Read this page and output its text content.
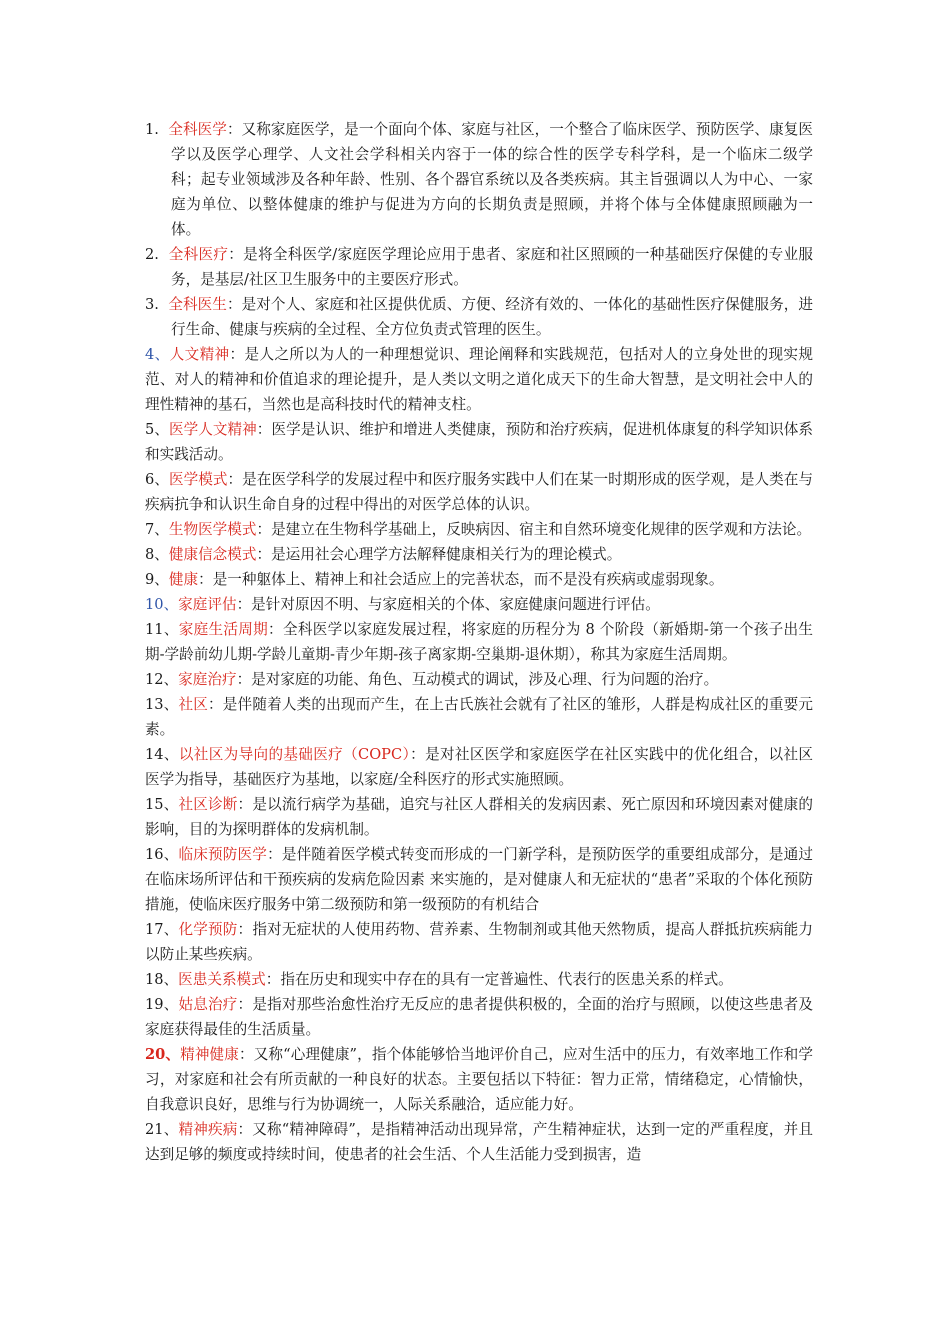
1. 全科医学：又称家庭医学，是一个面向个体、家庭与社区，一个整合了临床医学、预防医学、康复医学以及医学心理学、人文社会学科相关内容于一体的综合性的医学专科学科，是一个临床二级学科；起专业领域涉及各种年龄、性别、各个器官系统以及各类疾病。其主旨强调以人为中心、一家庭为单位、以整体健康的维护与促进为方向的长期负责是照顾，并将个体与全体健康照顾融为一体。

2. 全科医疗：是将全科医学/家庭医学理论应用于患者、家庭和社区照顾的一种基础医疗保健的专业服务，是基层/社区卫生服务中的主要医疗形式。

3. 全科医生：是对个人、家庭和社区提供优质、方便、经济有效的、一体化的基础性医疗保健服务，进行生命、健康与疾病的全过程、全方位负责式管理的医生。

4、人文精神：是人之所以为人的一种理想觉识、理论阐释和实践规范，包括对人的立身处世的现实规范、对人的精神和价值追求的理论提升，是人类以文明之道化成天下的生命大智慧，是文明社会中人的理性精神的基石，当然也是高科技时代的精神支柱。

5、医学人文精神：医学是认识、维护和增进人类健康，预防和治疗疾病，促进机体康复的科学知识体系和实践活动。

6、医学模式：是在医学科学的发展过程中和医疗服务实践中人们在某一时期形成的医学观，是人类在与疾病抗争和认识生命自身的过程中得出的对医学总体的认识。

7、生物医学模式：是建立在生物科学基础上，反映病因、宿主和自然环境变化规律的医学观和方法论。

8、健康信念模式：是运用社会心理学方法解释健康相关行为的理论模式。

9、健康：是一种躯体上、精神上和社会适应上的完善状态，而不是没有疾病或虚弱现象。

10、家庭评估：是针对原因不明、与家庭相关的个体、家庭健康问题进行评估。

11、家庭生活周期：全科医学以家庭发展过程，将家庭的历程分为 8 个阶段（新婚期-第一个孩子出生期-学龄前幼儿期-学龄儿童期-青少年期-孩子离家期-空巢期-退休期），称其为家庭生活周期。

12、家庭治疗：是对家庭的功能、角色、互动模式的调试，涉及心理、行为问题的治疗。

13、社区：是伴随着人类的出现而产生，在上古氏族社会就有了社区的雏形，人群是构成社区的重要元素。

14、以社区为导向的基础医疗（COPC）：是对社区医学和家庭医学在社区实践中的优化组合，以社区医学为指导，基础医疗为基地，以家庭/全科医疗的形式实施照顾。

15、社区诊断：是以流行病学为基础，追究与社区人群相关的发病因素、死亡原因和环境因素对健康的影响，目的为探明群体的发病机制。

16、临床预防医学：是伴随着医学模式转变而形成的一门新学科，是预防医学的重要组成部分，是通过在临床场所评估和干预疾病的发病危险因素 来实施的，是对健康人和无症状的“患者”采取的个体化预防措施，使临床医疗服务中第二级预防和第一级预防的有机结合

17、化学预防：指对无症状的人使用药物、营养素、生物制剂或其他天然物质，提高人群抵抗疾病能力以防止某些疾病。

18、医患关系模式：指在历史和现实中存在的具有一定普遍性、代表行的医患关系的样式。

19、姑息治疗：是指对那些治愈性治疗无反应的患者提供积极的，全面的治疗与照顾，以使这些患者及家庭获得最佳的生活质量。

20、精神健康：又称“心理健康”，指个体能够恰当地评价自己，应对生活中的压力，有效率地工作和学习，对家庭和社会有所贡献的一种良好的状态。主要包括以下特征：智力正常，情绪稳定，心情愉快，自我意识良好，思维与行为协调统一，人际关系融洽，适应能力好。

21、精神疾病：又称“精神障碍”，是指精神活动出现异常，产生精神症状，达到一定的严重程度，并且达到足够的频度或持续时间，使患者的社会生活、个人生活能力受到损害，造
